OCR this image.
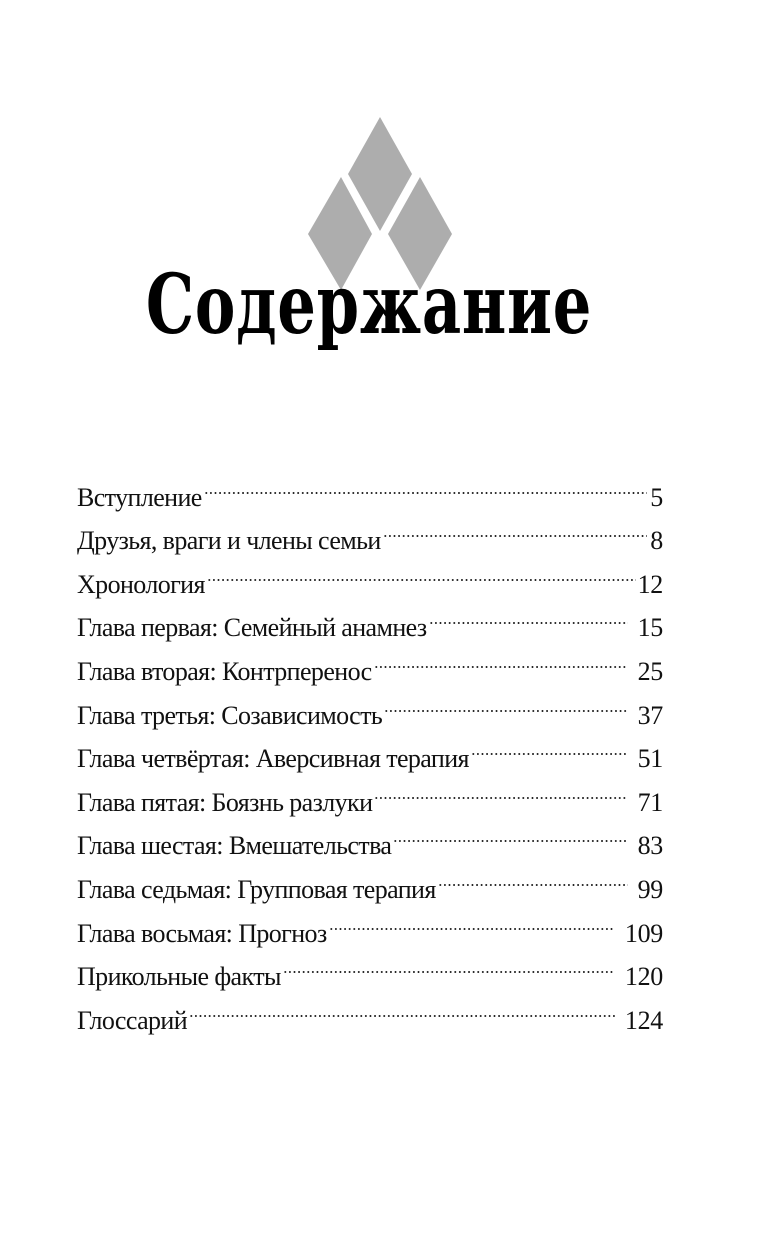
Содержание
Вступление	5
Друзья, враги и члены семьи	8
Хронология	12
Глава первая: Семейный анамнез	15
Глава вторая: Контрперенос	25
Глава третья: Созависимость	37
Глава четвёртая: Аверсивная терапия	51
Глава пятая: Боязнь разлуки	71
Глава шестая: Вмешательства	83
Глава седьмая: Групповая терапия	99
Глава восьмая: Прогноз	109
Прикольные факты	120
Глоссарий	124
